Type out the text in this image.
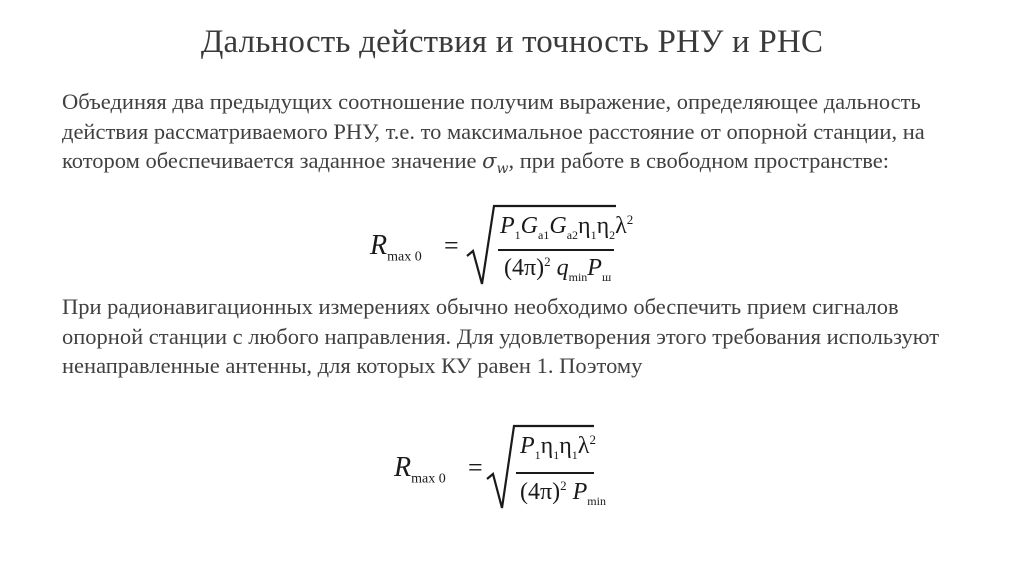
Дальность действия и точность РНУ и РНС
Объединяя два предыдущих соотношение получим выражение, определяющее дальность действия рассматриваемого РНУ, т.е. то максимальное расстояние от опорной станции, на котором обеспечивается заданное значение $\sigma_w$, при работе в свободном пространстве:
$R_{max 0}$ =
$P_1G_{a1}G_{a2}\eta_1\eta_2\lambda^2$
$(4\pi)^2$ $q_{min}P_ш$
При радионавигационных измерениях обычно необходимо обеспечить прием сигналов опорной станции с любого направления. Для удовлетворения этого требования используют ненаправленные антенны, для которых КУ равен 1. Поэтому
$R_{max 0}$ =
$P_1\eta_1\eta_1\lambda^2$
$(4\pi)^2$ $P_{min}$
